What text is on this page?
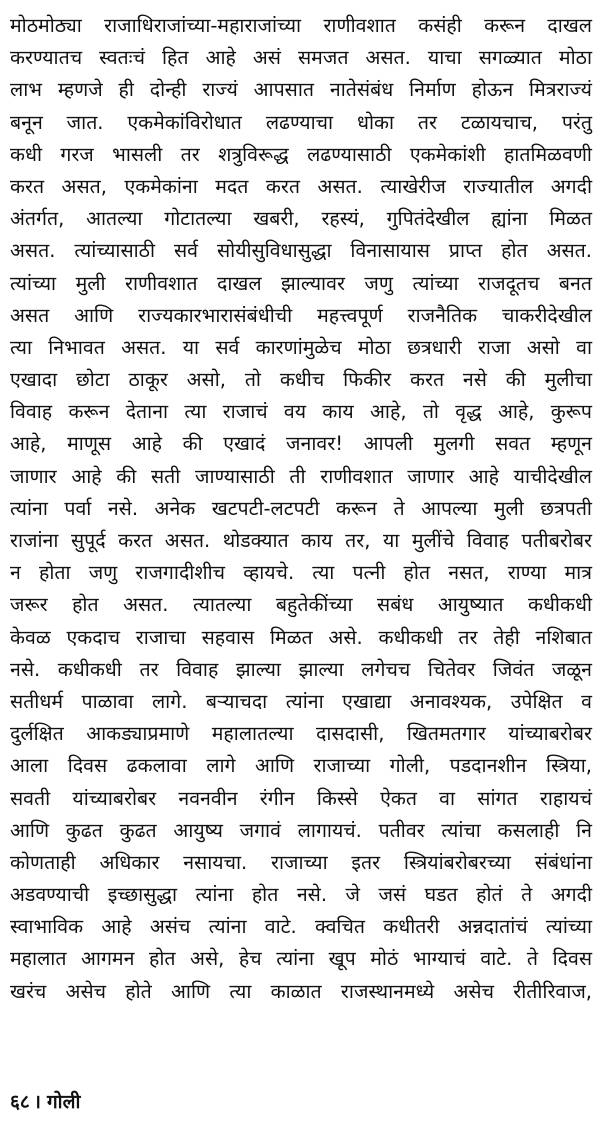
मोठमोठ्या राजाधिराजांच्या-महाराजांच्या राणीवशात कसंही करून दाखल
करण्यातच स्वतःचं हित आहे असं समजत असत. याचा सगळ्यात मोठा
लाभ म्हणजे ही दोन्ही राज्यं आपसात नातेसंबंध निर्माण होऊन मित्रराज्यं
बनून जात. एकमेकांविरोधात लढण्याचा धोका तर टळायचाच, परंतु
कधी गरज भासली तर शत्रुविरूद्ध लढण्यासाठी एकमेकांशी हातमिळवणी
करत असत, एकमेकांना मदत करत असत. त्याखेरीज राज्यातील अगदी
अंतर्गत, आतल्या गोटातल्या खबरी, रहस्यं, गुपितंदेखील ह्यांना मिळत
असत. त्यांच्यासाठी सर्व सोयीसुविधासुद्धा विनासायास प्राप्त होत असत.
त्यांच्या मुली राणीवशात दाखल झाल्यावर जणु त्यांच्या राजदूतच बनत
असत आणि राज्यकारभारासंबंधीची महत्त्वपूर्ण राजनैतिक चाकरीदेखील
त्या निभावत असत. या सर्व कारणांमुळेच मोठा छत्रधारी राजा असो वा
एखादा छोटा ठाकूर असो, तो कधीच फिकीर करत नसे की मुलीचा
विवाह करून देताना त्या राजाचं वय काय आहे, तो वृद्ध आहे, कुरूप
आहे, माणूस आहे की एखादं जनावर! आपली मुलगी सवत म्हणून
जाणार आहे की सती जाण्यासाठी ती राणीवशात जाणार आहे याचीदेखील
त्यांना पर्वा नसे. अनेक खटपटी-लटपटी करून ते आपल्या मुली छत्रपती
राजांना सुपूर्द करत असत. थोडक्यात काय तर, या मुलींचे विवाह पतीबरोबर
न होता जणु राजगादीशीच व्हायचे. त्या पत्नी होत नसत, राण्या मात्र
जरूर होत असत. त्यातल्या बहुतेकींच्या सबंध आयुष्यात कधीकधी
केवळ एकदाच राजाचा सहवास मिळत असे. कधीकधी तर तेही नशिबात
नसे. कधीकधी तर विवाह झाल्या झाल्या लगेचच चितेवर जिवंत जळून
सतीधर्म पाळावा लागे. बऱ्याचदा त्यांना एखाद्या अनावश्यक, उपेक्षित व
दुर्लक्षित आकड्याप्रमाणे महालातल्या दासदासी, खितमतगार यांच्याबरोबर
आला दिवस ढकलावा लागे आणि राजाच्या गोली, पडदानशीन स्त्रिया,
सवती यांच्याबरोबर नवनवीन रंगीन किस्से ऐकत वा सांगत राहायचं
आणि कुढत कुढत आयुष्य जगावं लागायचं. पतीवर त्यांचा कसलाही नि
कोणताही अधिकार नसायचा. राजाच्या इतर स्त्रियांबरोबरच्या संबंधांना
अडवण्याची इच्छासुद्धा त्यांना होत नसे. जे जसं घडत होतं ते अगदी
स्वाभाविक आहे असंच त्यांना वाटे. क्वचित कधीतरी अन्नदातांचं त्यांच्या
महालात आगमन होत असे, हेच त्यांना खूप मोठं भाग्याचं वाटे. ते दिवस
खरंच असेच होते आणि त्या काळात राजस्थानमध्ये असेच रीतीरिवाज,
६८ । गोली
